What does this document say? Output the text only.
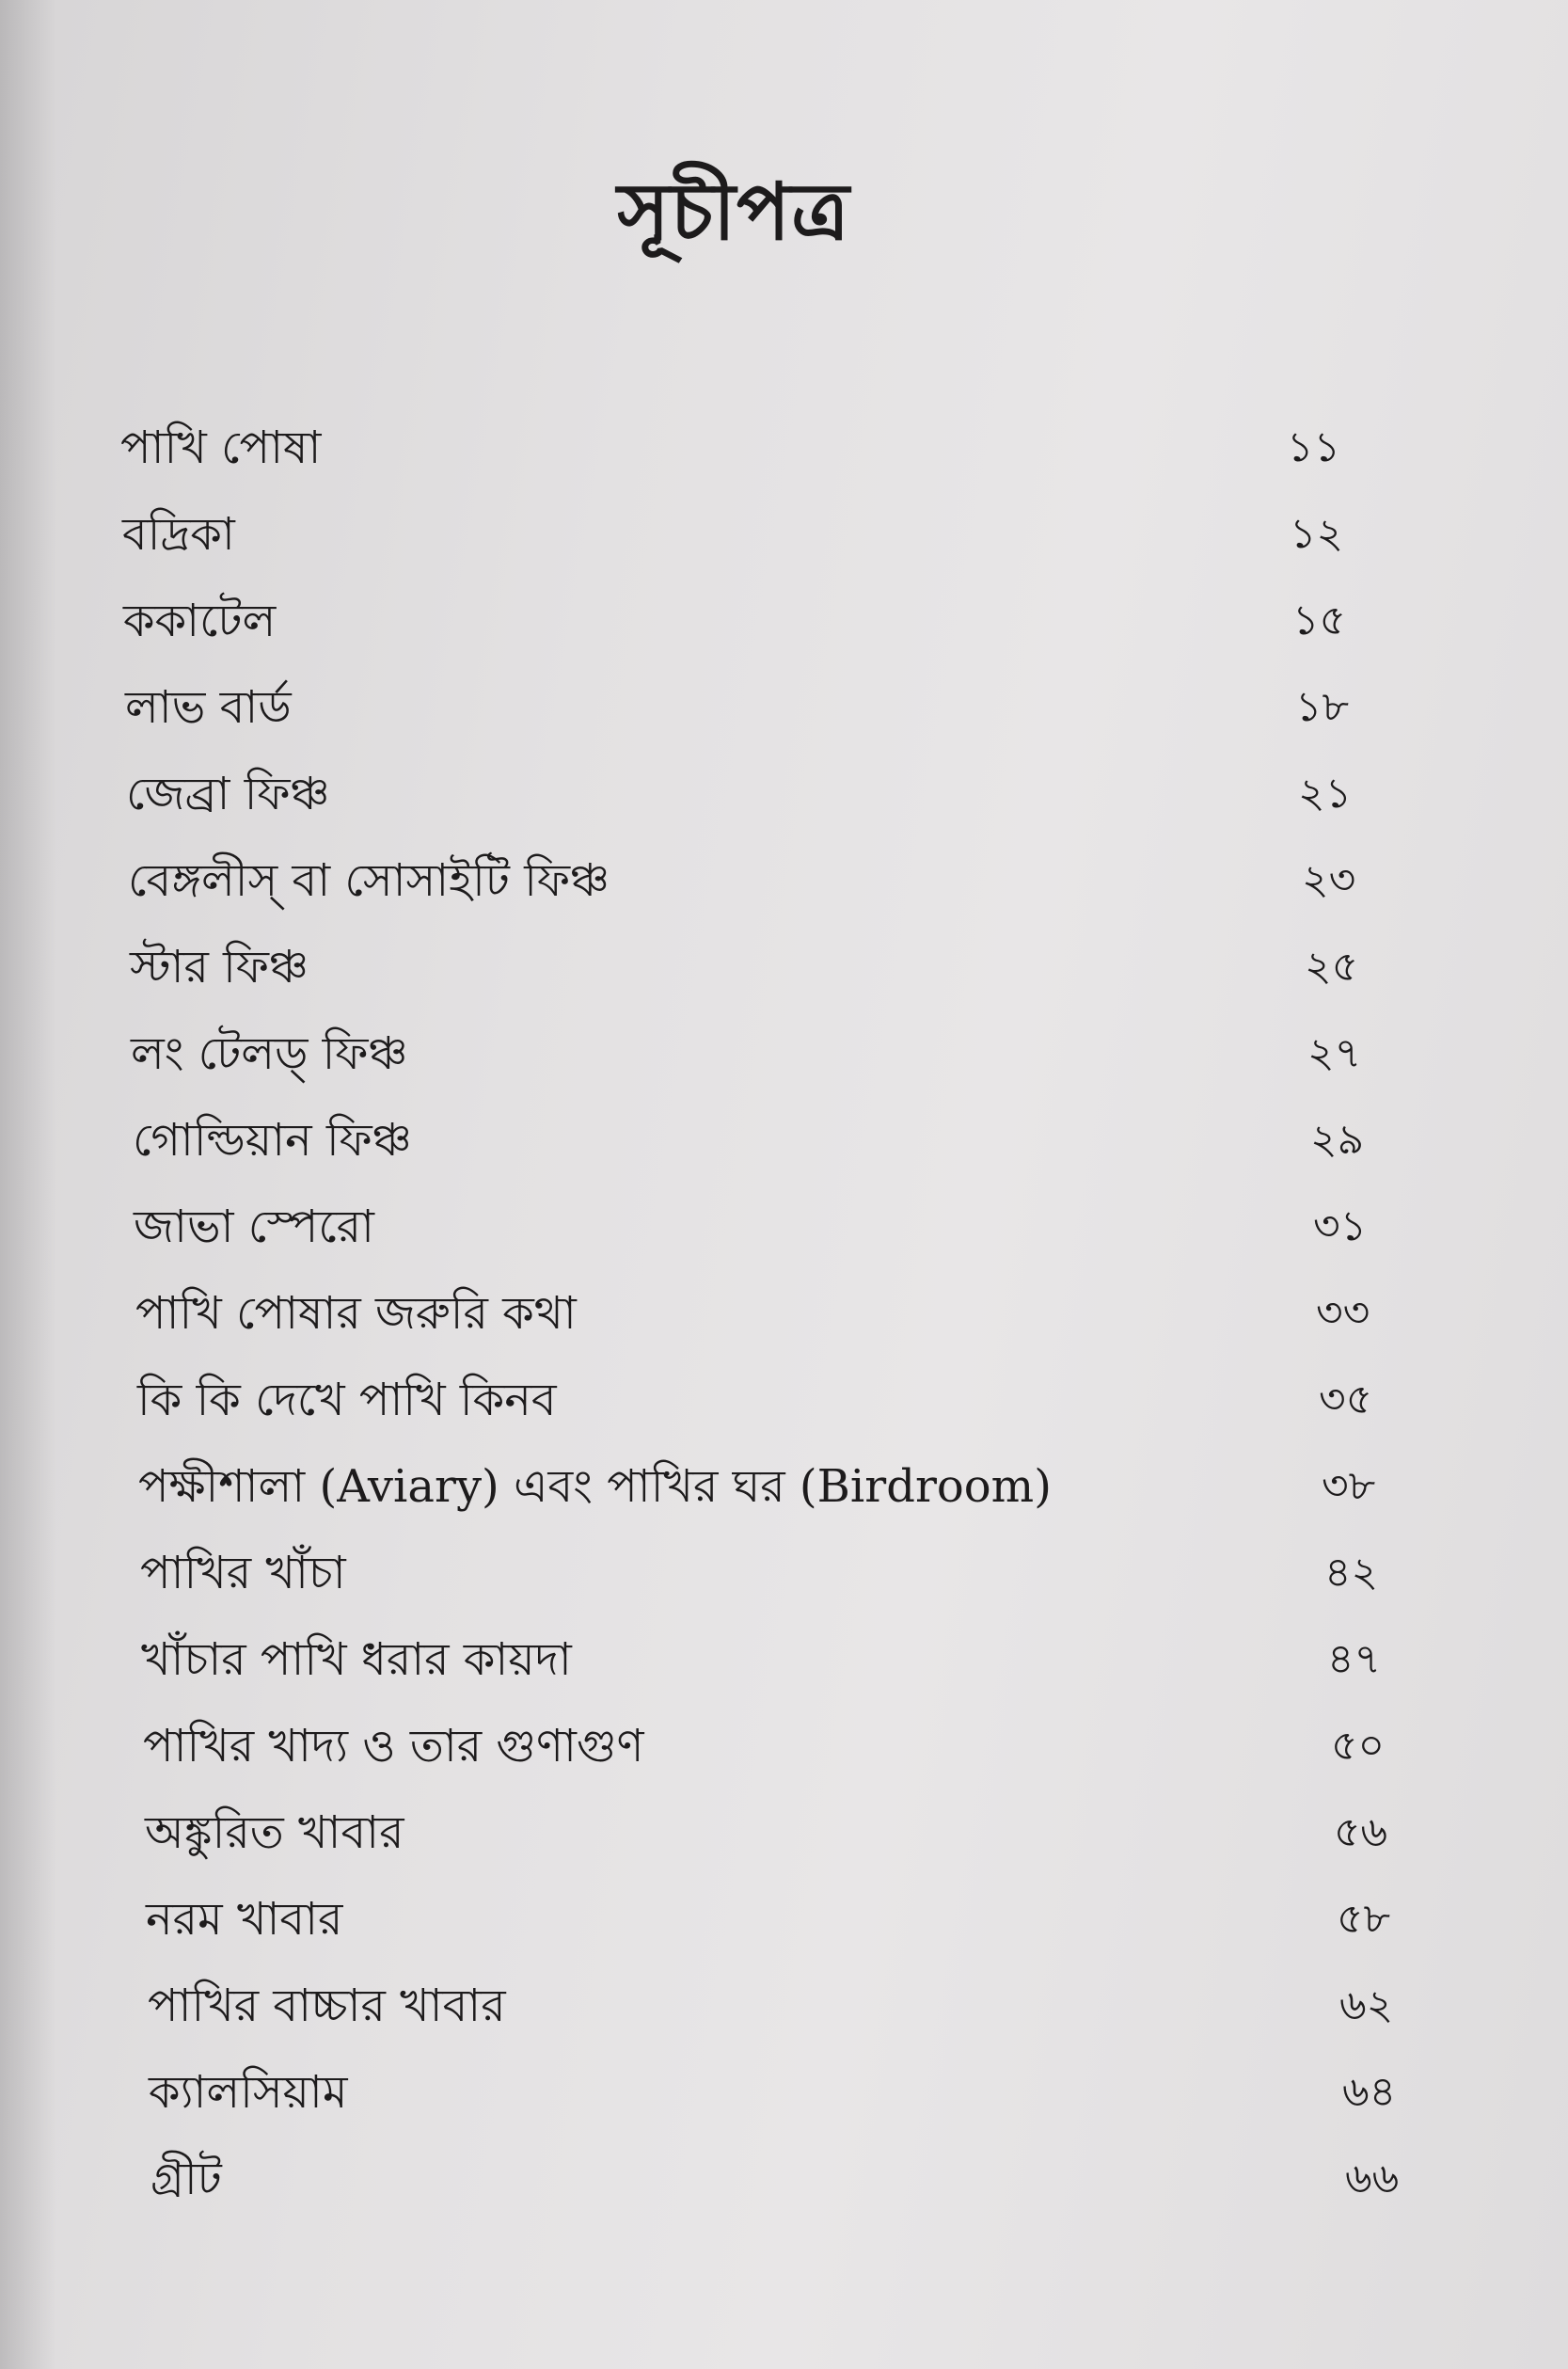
সূচীপত্র
পাখি পোষা	১১
বদ্রিকা	১২
ককাটেল	১৫
লাভ বার্ড	১৮
জেব্রা ফিঞ্চ	২১
বেঙ্গলীস্ বা সোসাইটি ফিঞ্চ	২৩
স্টার ফিঞ্চ	২৫
লং টেলড্ ফিঞ্চ	২৭
গোল্ডিয়ান ফিঞ্চ	২৯
জাভা স্পেরো	৩১
পাখি পোষার জরুরি কথা	৩৩
কি কি দেখে পাখি কিনব	৩৫
পক্ষীশালা (Aviary) এবং পাখির ঘর (Birdroom)	৩৮
পাখির খাঁচা	৪২
খাঁচার পাখি ধরার কায়দা	৪৭
পাখির খাদ্য ও তার গুণাগুণ	৫০
অঙ্কুরিত খাবার	৫৬
নরম খাবার	৫৮
পাখির বাচ্চার খাবার	৬২
ক্যালসিয়াম	৬৪
গ্রীট	৬৬
